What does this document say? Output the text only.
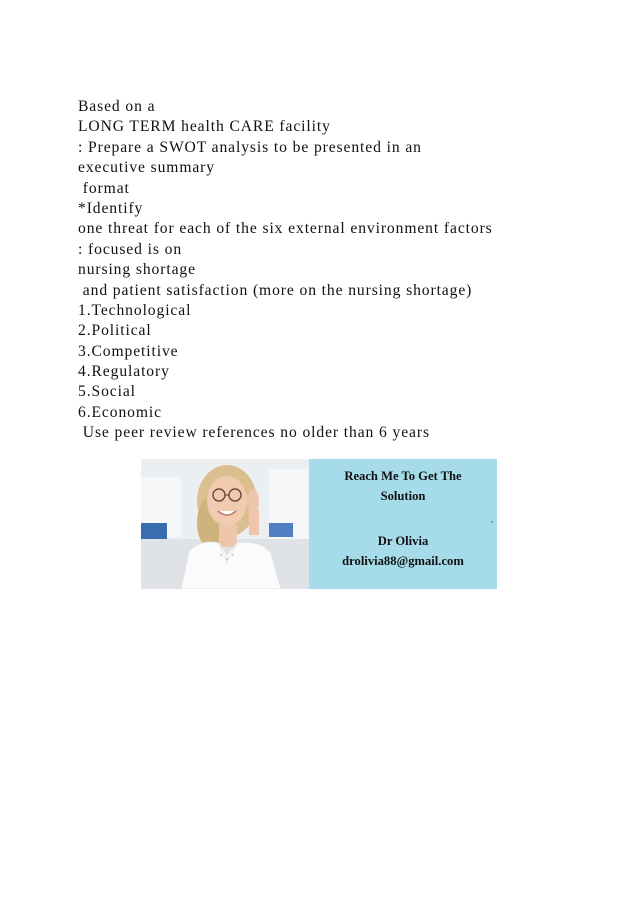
Based on a
LONG TERM health CARE facility
: Prepare a SWOT analysis to be presented in an
executive summary
format
*Identify
one threat for each of the six external environment factors
: focused is on
nursing shortage
and patient satisfaction (more on the nursing shortage)
1.Technological
2.Political
3.Competitive
4.Regulatory
5.Social
6.Economic
Use peer review references no older than 6 years
Reach Me To Get The
Solution
Dr Olivia
drolivia88@gmail.com
